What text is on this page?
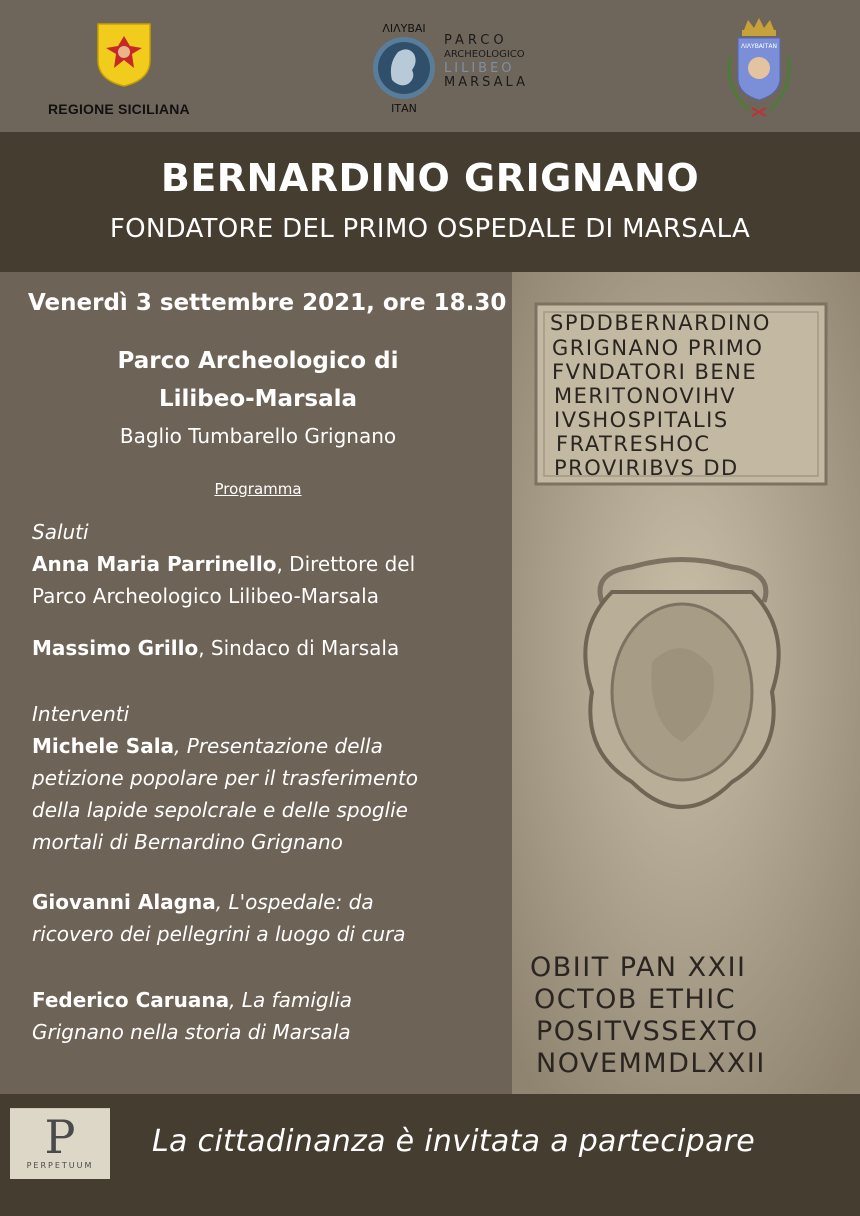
REGIONE SICILIANA
ΛΙΛΥΒΑΙ
ΙΤΑΝ
PARCO
ARCHEOLOGICO
LILIBEO
MARSALA
ΛΙΛΥΒΑΙΤΑΝ
BERNARDINO GRIGNANO
FONDATORE DEL PRIMO OSPEDALE DI MARSALA
Venerdì 3 settembre 2021, ore 18.30
Parco Archeologico di
Lilibeo-Marsala
Baglio Tumbarello Grignano
Programma
Saluti
Anna Maria Parrinello, Direttore del
Parco Archeologico Lilibeo-Marsala
Massimo Grillo, Sindaco di Marsala
Interventi
Michele Sala, Presentazione della
petizione popolare per il trasferimento
della lapide sepolcrale e delle spoglie
mortali di Bernardino Grignano
Giovanni Alagna, L'ospedale: da
ricovero dei pellegrini a luogo di cura
Federico Caruana, La famiglia
Grignano nella storia di Marsala
SPDDBERNARDINO
GRIGNANO PRIMO
FVNDATORI BENE
MERITONOVIHV
IVSHOSPITALIS
FRATRESHOC
PROVIRIBVS DD
OBIIT PAN XXII
OCTOB ETHIC
POSITVSSEXTO
NOVEMMDLXXII
P
PERPETUUM
La cittadinanza è invitata a partecipare
